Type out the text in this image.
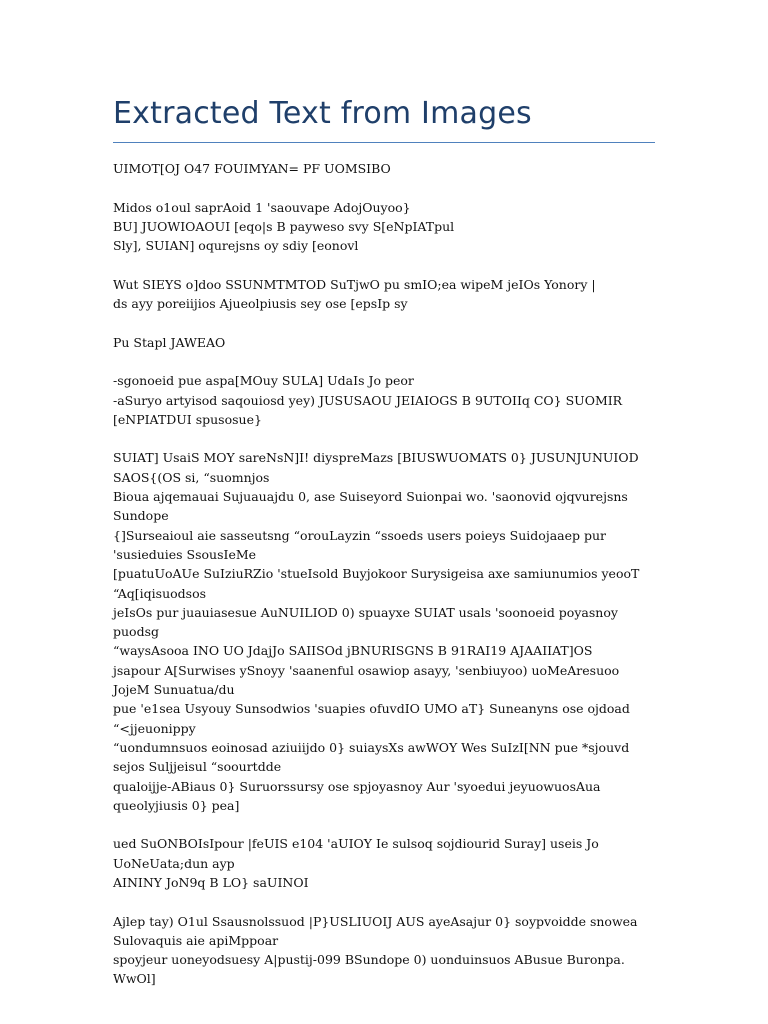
Extracted Text from Images
UIMOT[OJ O47 FOUIMYAN= PF UOMSIBO
Midos o1oul saprAoid 1 'saouvape AdojOuyoo}
BU] JUOWIOAOUI [eqo|s B payweso svy S[eNpIATpul
Sly], SUIAN] oqurejsns oy sdiy [eonovl
Wut SIEYS o]doo SSUNMTMTOD SuTjwO pu smIO;ea wipeM jeIOs Yonory |
ds ayy poreiijios Ajueolpiusis sey ose [epsIp sy
Pu Stapl JAWEAO
-sgonoeid pue aspa[MOuy SULA] UdaIs Jo peor
-aSuryo artyisod saqouiosd yey) JUSUSAOU JEIAIOGS B 9UTOIIq CO} SUOMIR [eNPIATDUI spusosue}
SUIAT] UsaiS MOY sareNsN]I! diyspreMazs [BIUSWUOMATS 0} JUSUNJUNUIOD SAOS{(OS si, “suomnjos
Bioua ajqemauai Sujuauajdu 0, ase Suiseyord Suionpai wo. 'saonovid ojqvurejsns Sundope
{]Surseaioul aie sasseutsng “orouLayzin “ssoeds users poieys Suidojaaep pur 'susieduies SsousIeMe
[puatuUoAUe SuIziuRZio 'stueIsold Buyjokoor Surysigeisa axe samiunumios yeooT “Aq[iqisuodsos
jeIsOs pur juauiasesue AuNUILIOD 0) spuayxe SUIAT usals 'soonoeid poyasnoy puodsg
“waysAsooa INO UO JdajJo SAIISOd jBNURISGNS B 91RAI19 AJAAIIAT]OS
jsapour A[Surwises ySnoyy 'saanenful osawiop asayy, 'senbiuyoo) uoMeAresuoo JojeM Sunuatua/du
pue 'e1sea Usyouy Sunsodwios 'suapies ofuvdIO UMO aT} Suneanyns ose ojdoad “<jjeuonippy
“uondumnsuos eoinosad aziuiijdo 0} suiaysXs awWOY Wes SuIzI[NN pue *sjouvd sejos Suljjeisul “soourtdde
qualoijje-ABiaus 0} Suruorssursy ose spjoyasnoy Aur 'syoedui jeyuowuosAua queolyjiusis 0} pea]
ued SuONBOIsIpour |feUIS e104 'aUIOY Ie sulsoq sojdiourid Suray] useis Jo UoNeUata;dun ayp
AININY JoN9q B LO} saUINOI
Ajlep tay) O1ul Ssausnolssuod |P}USLIUOIJ AUS ayeAsajur 0} soypvoidde snowea Sulovaquis aie apiMppoar
spoyjeur uoneyodsuesy A|pustij-099 BSundope 0) uonduinsuos ABusue Buronpa. WwOl]
